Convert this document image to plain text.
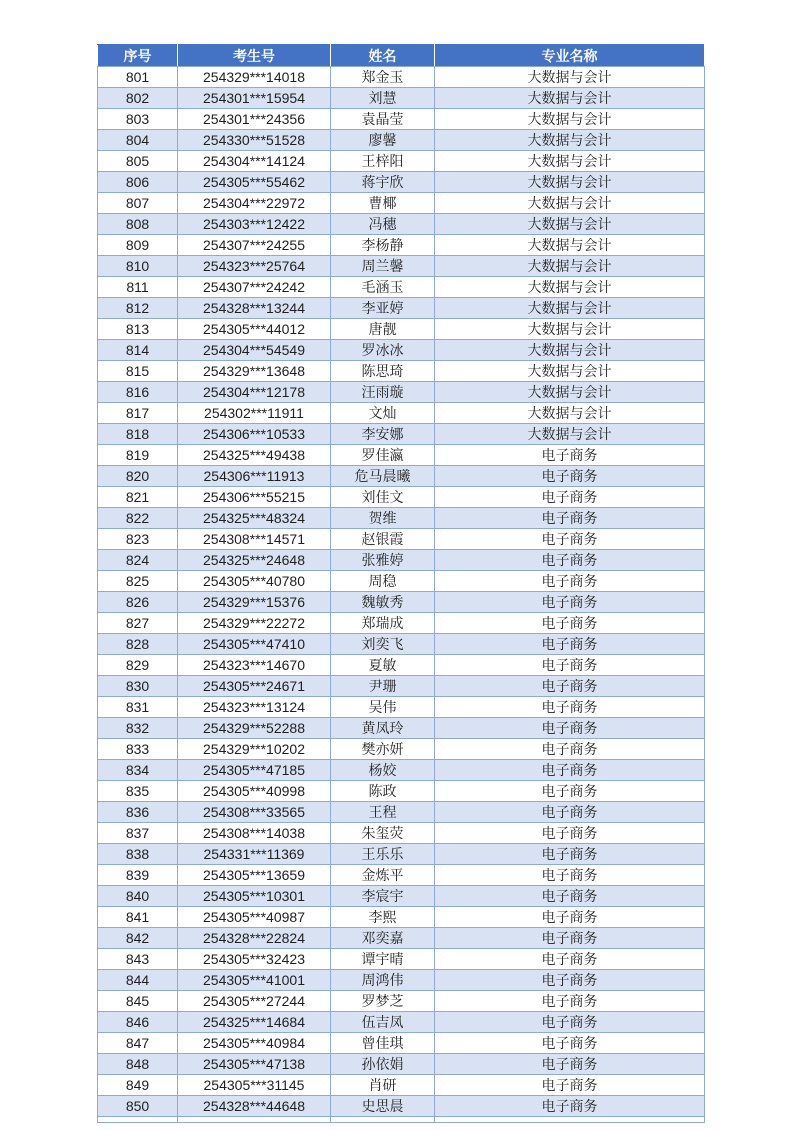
序号	考生号	姓名	专业名称
801	254329***14018	郑金玉	大数据与会计
802	254301***15954	刘慧	大数据与会计
803	254301***24356	袁晶莹	大数据与会计
804	254330***51528	廖馨	大数据与会计
805	254304***14124	王梓阳	大数据与会计
806	254305***55462	蒋宇欣	大数据与会计
807	254304***22972	曹椰	大数据与会计
808	254303***12422	冯穗	大数据与会计
809	254307***24255	李杨静	大数据与会计
810	254323***25764	周兰馨	大数据与会计
811	254307***24242	毛涵玉	大数据与会计
812	254328***13244	李亚婷	大数据与会计
813	254305***44012	唐靓	大数据与会计
814	254304***54549	罗冰冰	大数据与会计
815	254329***13648	陈思琦	大数据与会计
816	254304***12178	汪雨璇	大数据与会计
817	254302***11911	文灿	大数据与会计
818	254306***10533	李安娜	大数据与会计
819	254325***49438	罗佳瀛	电子商务
820	254306***11913	危马晨曦	电子商务
821	254306***55215	刘佳文	电子商务
822	254325***48324	贺维	电子商务
823	254308***14571	赵银霞	电子商务
824	254325***24648	张雅婷	电子商务
825	254305***40780	周稳	电子商务
826	254329***15376	魏敏秀	电子商务
827	254329***22272	郑瑞成	电子商务
828	254305***47410	刘奕飞	电子商务
829	254323***14670	夏敏	电子商务
830	254305***24671	尹珊	电子商务
831	254323***13124	吴伟	电子商务
832	254329***52288	黄凤玲	电子商务
833	254329***10202	樊亦妍	电子商务
834	254305***47185	杨姣	电子商务
835	254305***40998	陈政	电子商务
836	254308***33565	王程	电子商务
837	254308***14038	朱玺荧	电子商务
838	254331***11369	王乐乐	电子商务
839	254305***13659	金炼平	电子商务
840	254305***10301	李宸宇	电子商务
841	254305***40987	李熙	电子商务
842	254328***22824	邓奕嘉	电子商务
843	254305***32423	谭宇晴	电子商务
844	254305***41001	周鸿伟	电子商务
845	254305***27244	罗梦芝	电子商务
846	254325***14684	伍吉凤	电子商务
847	254305***40984	曾佳琪	电子商务
848	254305***47138	孙依娟	电子商务
849	254305***31145	肖研	电子商务
850	254328***44648	史思晨	电子商务
